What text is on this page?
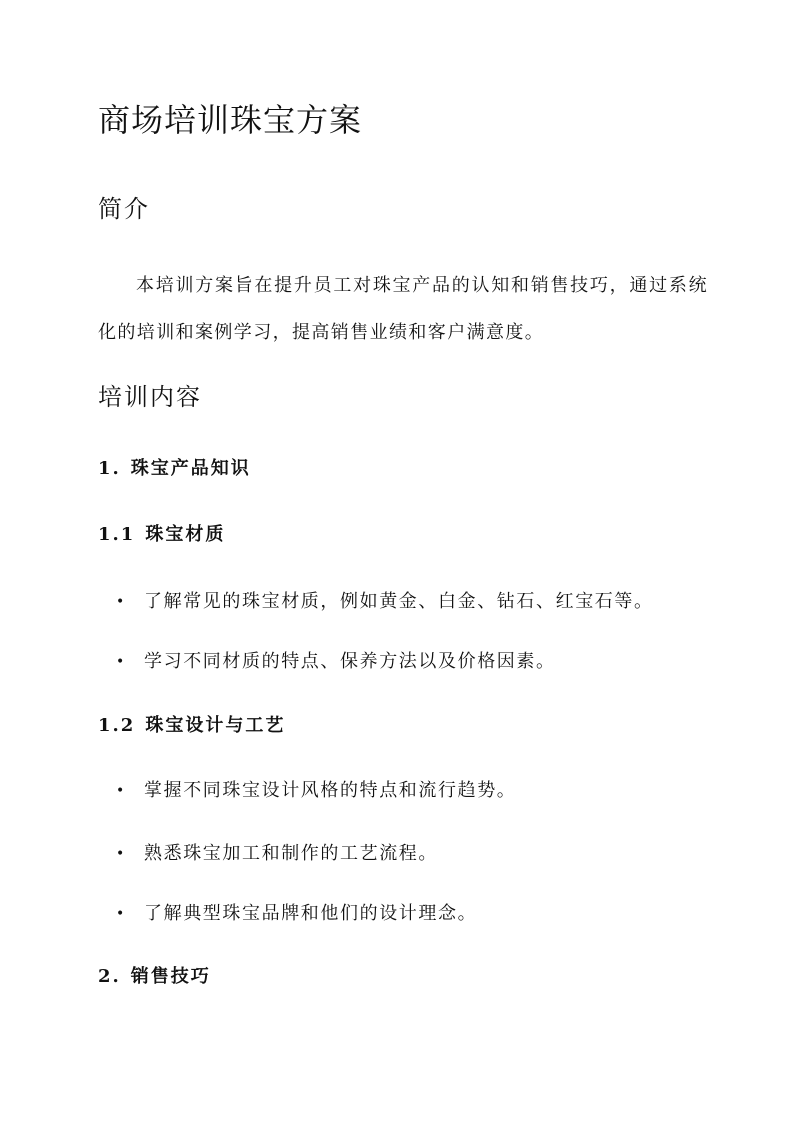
商场培训珠宝方案
简介

本培训方案旨在提升员工对珠宝产品的认知和销售技巧，通过系统化的培训和案例学习，提高销售业绩和客户满意度。

培训内容
1. 珠宝产品知识
1.1 珠宝材质
• 了解常见的珠宝材质，例如黄金、白金、钻石、红宝石等。
• 学习不同材质的特点、保养方法以及价格因素。
1.2 珠宝设计与工艺
• 掌握不同珠宝设计风格的特点和流行趋势。
• 熟悉珠宝加工和制作的工艺流程。
• 了解典型珠宝品牌和他们的设计理念。
2. 销售技巧
